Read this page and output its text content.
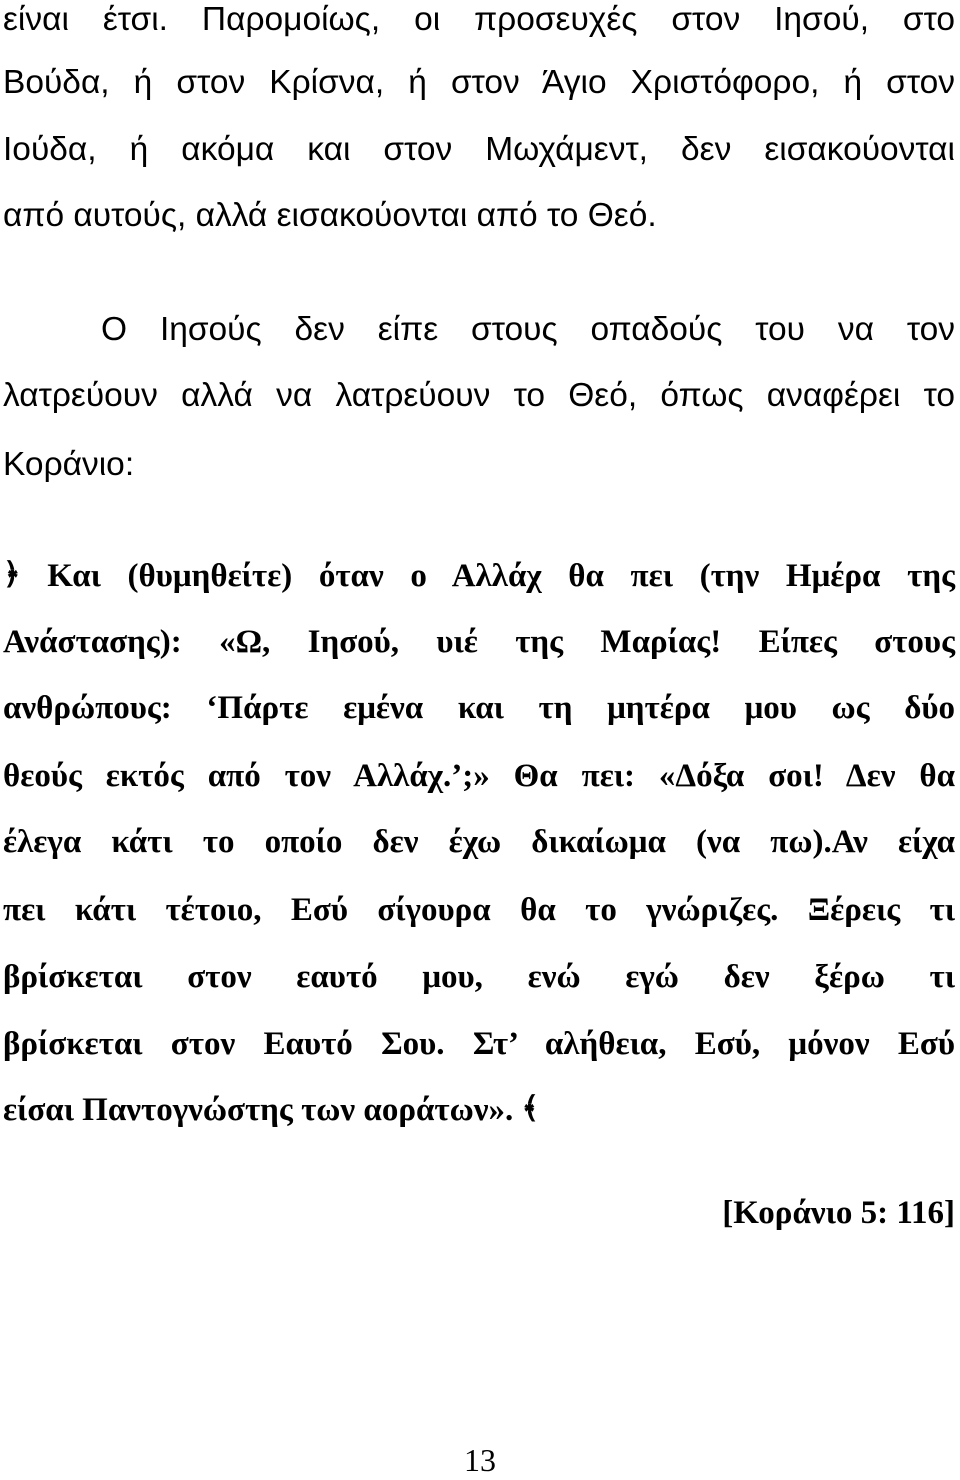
είναι έτσι. Παρομοίως, οι προσευχές στον Ιησού, στο
Βούδα, ή στον Κρίσνα, ή στον Άγιο Χριστόφορο, ή στον
Ιούδα, ή ακόμα και στον Μωχάμεντ, δεν εισακούονται
από αυτούς, αλλά εισακούονται από το Θεό.
Ο Ιησούς δεν είπε στους οπαδούς του να τον
λατρεύουν αλλά να λατρεύουν το Θεό, όπως αναφέρει το
Κοράνιο:
﴿ Και (θυμηθείτε) όταν ο Αλλάχ θα πει (την Ημέρα της
Ανάστασης): «Ω, Ιησού, υιέ της Μαρίας! Είπες στους
ανθρώπους: ‘Πάρτε εμένα και τη μητέρα μου ως δύο
θεούς εκτός από τον Αλλάχ.’;» Θα πει: «Δόξα σοι! Δεν θα
έλεγα κάτι το οποίο δεν έχω δικαίωμα (να πω).Αν είχα
πει κάτι τέτοιο, Εσύ σίγουρα θα το γνώριζες. Ξέρεις τι
βρίσκεται στον εαυτό μου, ενώ εγώ δεν ξέρω τι
βρίσκεται στον Εαυτό Σου. Στ’ αλήθεια, Εσύ, μόνον Εσύ
είσαι Παντογνώστης των αοράτων». ﴾
[Κοράνιο 5: 116]
13
